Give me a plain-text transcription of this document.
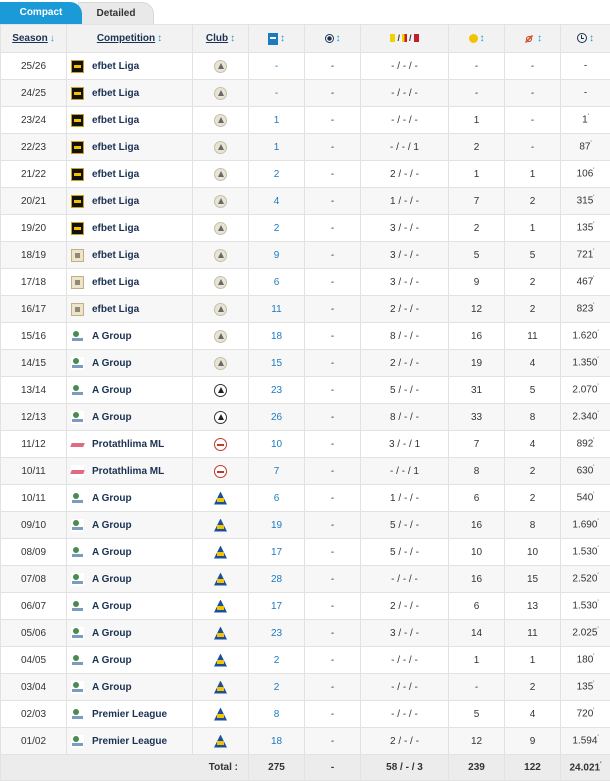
Detailed
Compact
Season ↓	Competition ↕	Club ↕	↕	↕	/ /	↕	↕	↕
25/26	efbet Liga		-	-	- / - / -	-	-	-
24/25	efbet Liga		-	-	- / - / -	-	-	-
23/24	efbet Liga		1	-	- / - / -	1	-	1'
22/23	efbet Liga		1	-	- / - / 1	2	-	87'
21/22	efbet Liga		2	-	2 / - / -	1	1	106'
20/21	efbet Liga		4	-	1 / - / -	7	2	315'
19/20	efbet Liga		2	-	3 / - / -	2	1	135'
18/19	efbet Liga		9	-	3 / - / -	5	5	721'
17/18	efbet Liga		6	-	3 / - / -	9	2	467'
16/17	efbet Liga		11	-	2 / - / -	12	2	823'
15/16	A Group		18	-	8 / - / -	16	11	1.620'
14/15	A Group		15	-	2 / - / -	19	4	1.350'
13/14	A Group		23	-	5 / - / -	31	5	2.070'
12/13	A Group		26	-	8 / - / -	33	8	2.340'
11/12	Protathlima ML		10	-	3 / - / 1	7	4	892'
10/11	Protathlima ML		7	-	- / - / 1	8	2	630'
10/11	A Group		6	-	1 / - / -	6	2	540'
09/10	A Group		19	-	5 / - / -	16	8	1.690'
08/09	A Group		17	-	5 / - / -	10	10	1.530'
07/08	A Group		28	-	- / - / -	16	15	2.520'
06/07	A Group		17	-	2 / - / -	6	13	1.530'
05/06	A Group		23	-	3 / - / -	14	11	2.025'
04/05	A Group		2	-	- / - / -	1	1	180'
03/04	A Group		2	-	- / - / -	-	2	135'
02/03	Premier League		8	-	- / - / -	5	4	720'
01/02	Premier League		18	-	2 / - / -	12	9	1.594'
Total :			275	-	58 / - / 3	239	122	24.021'
